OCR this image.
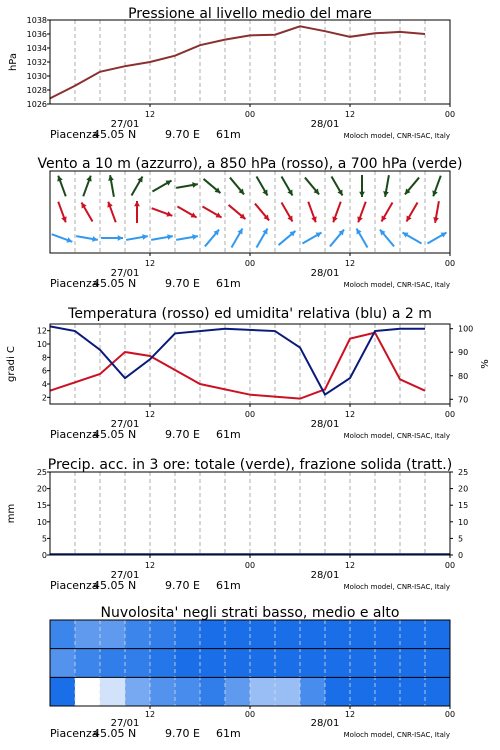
Pressione al livello medio del mare
12	00	12	00
27/01	28/01
Piacenza
45.05 N	9.70 E 61m	Moloch model, CNR-ISAC, Italy
1038
1036
1034
1032
1030
1028
1026
hPa
Vento a 10 m (azzurro), a 850 hPa (rosso), a 700 hPa (verde)
12	00	12	00
27/01	28/01
Piacenza
45.05 N	9.70 E 61m	Moloch model, CNR-ISAC, Italy
Temperatura (rosso) ed umidita' relativa (blu) a 2 m
12	00	12	00
27/01	28/01
Piacenza
45.05 N	9.70 E 61m	Moloch model, CNR-ISAC, Italy
12
10
8
6
4
2
100
90
80
70
gradi C	%
Precip. acc. in 3 ore: totale (verde), frazione solida (tratt.)
12	00	12	00
27/01	28/01
Piacenza
45.05 N	9.70 E 61m	Moloch model, CNR-ISAC, Italy
25
20
15
10
5
0
25
20
15
10
5
0
mm
Nuvolosita' negli strati basso, medio e alto
12	00	12	00
27/01	28/01
Piacenza
45.05 N	9.70 E 61m	Moloch model, CNR-ISAC, Italy
